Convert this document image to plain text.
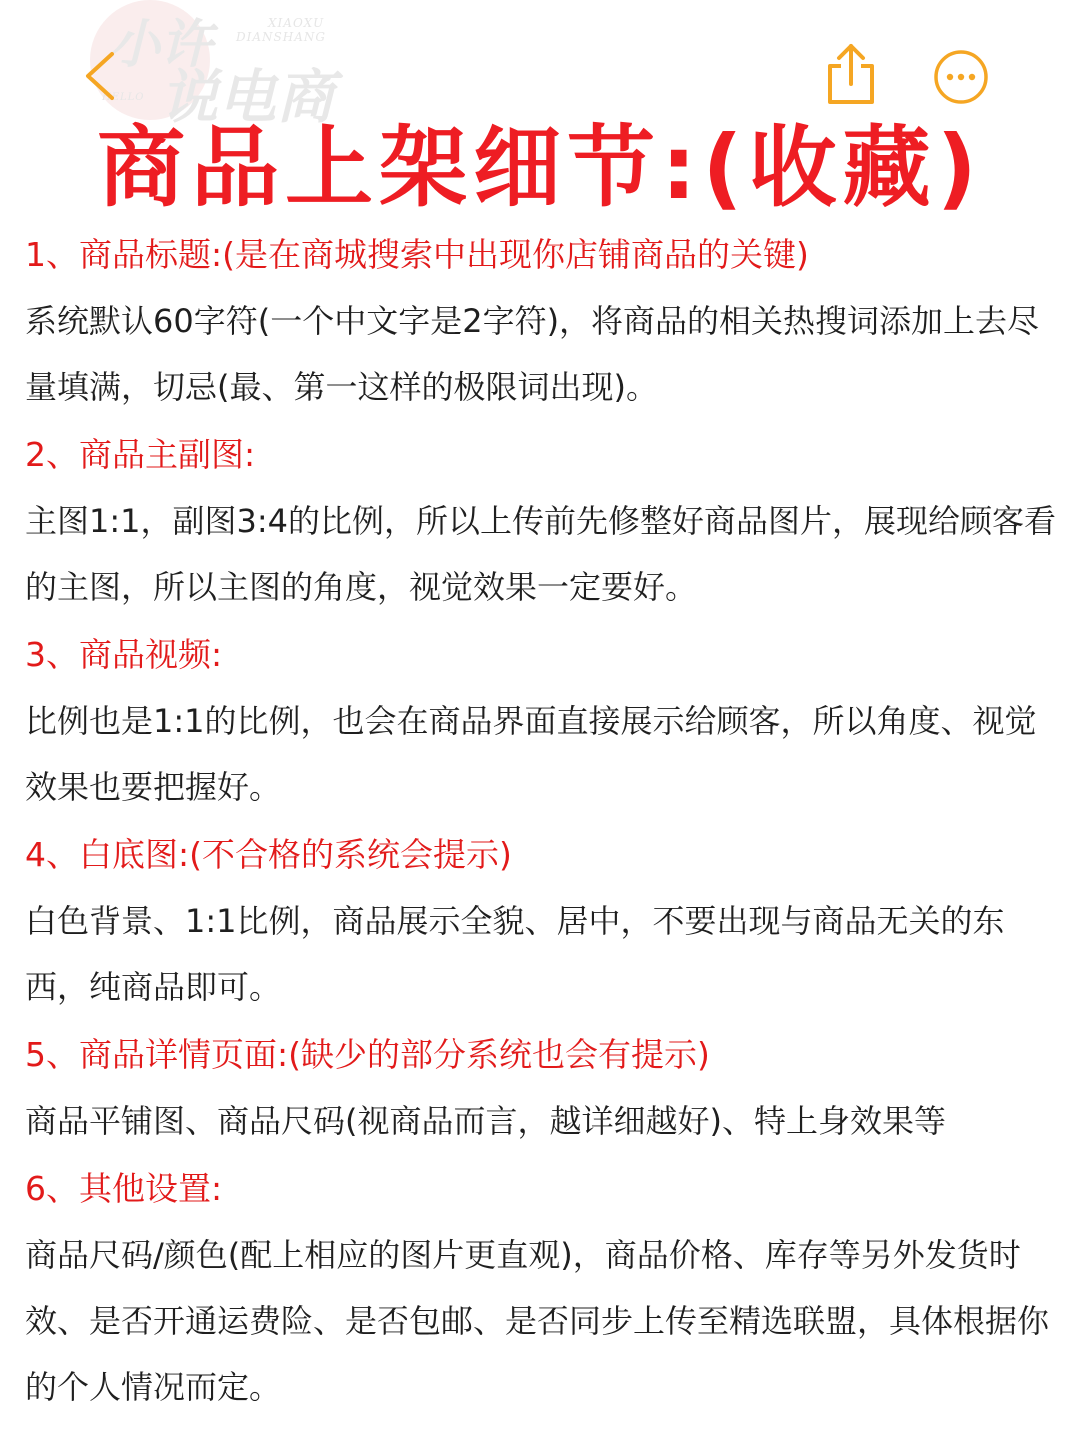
小许
说电商
XIAOXU
DIANSHANG
HELLO
商品上架细节:(收藏)

1、商品标题:(是在商城搜索中出现你店铺商品的关键)

系统默认60字符(一个中文字是2字符)，将商品的相关热搜词添加上去尽量填满，切忌(最、第一这样的极限词出现)。

2、商品主副图:

主图1:1，副图3:4的比例，所以上传前先修整好商品图片，展现给顾客看的主图，所以主图的角度，视觉效果一定要好。

3、商品视频:

比例也是1:1的比例，也会在商品界面直接展示给顾客，所以角度、视觉效果也要把握好。

4、白底图:(不合格的系统会提示)

白色背景、1:1比例，商品展示全貌、居中，不要出现与商品无关的东西，纯商品即可。

5、商品详情页面:(缺少的部分系统也会有提示)

商品平铺图、商品尺码(视商品而言，越详细越好)、特上身效果等

6、其他设置:

商品尺码/颜色(配上相应的图片更直观)，商品价格、库存等另外发货时效、是否开通运费险、是否包邮、是否同步上传至精选联盟，具体根据你的个人情况而定。
